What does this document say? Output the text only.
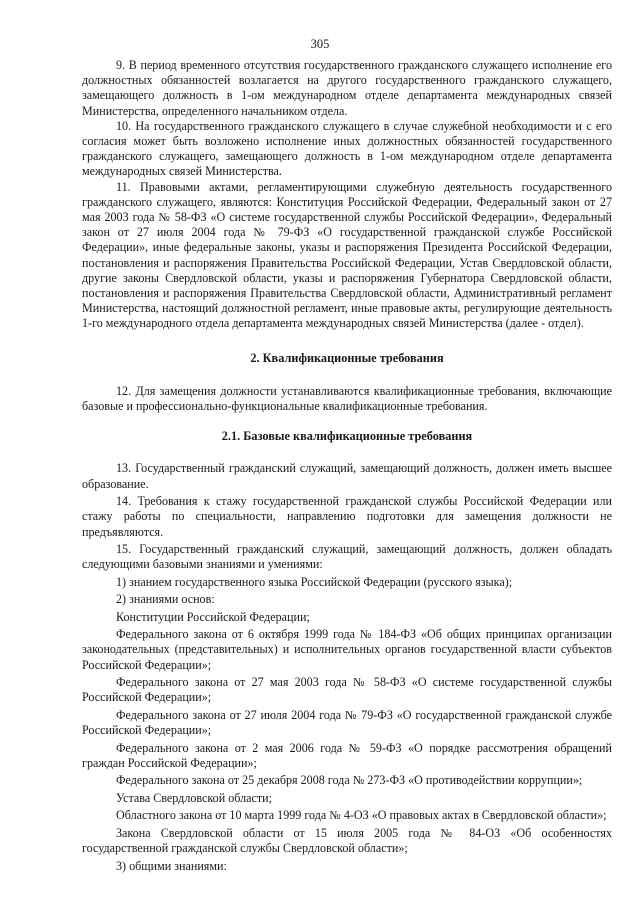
305

9. В период временного отсутствия государственного гражданского служащего исполнение его должностных обязанностей возлагается на другого государственного гражданского служащего, замещающего должность в 1-ом международном отделе департамента международных связей Министерства, определенного начальником отдела.

10. На государственного гражданского служащего в случае служебной необходимости и с его согласия может быть возложено исполнение иных должностных обязанностей государственного гражданского служащего, замещающего должность в 1-ом международном отделе департамента международных связей Министерства.

11. Правовыми актами, регламентирующими служебную деятельность государственного гражданского служащего, являются: Конституция Российской Федерации, Федеральный закон от 27 мая 2003 года № 58-ФЗ «О системе государственной службы Российской Федерации», Федеральный закон от 27 июля 2004 года № 79-ФЗ «О государственной гражданской службе Российской Федерации», иные федеральные законы, указы и распоряжения Президента Российской Федерации, постановления и распоряжения Правительства Российской Федерации, Устав Свердловской области, другие законы Свердловской области, указы и распоряжения Губернатора Свердловской области, постановления и распоряжения Правительства Свердловской области, Административный регламент Министерства, настоящий должностной регламент, иные правовые акты, регулирующие деятельность 1-го международного отдела департамента международных связей Министерства (далее - отдел).

2. Квалификационные требования

12. Для замещения должности устанавливаются квалификационные требования, включающие базовые и профессионально-функциональные квалификационные требования.

2.1. Базовые квалификационные требования

13. Государственный гражданский служащий, замещающий должность, должен иметь высшее образование.

14. Требования к стажу государственной гражданской службы Российской Федерации или стажу работы по специальности, направлению подготовки для замещения должности не предъявляются.

15. Государственный гражданский служащий, замещающий должность, должен обладать следующими базовыми знаниями и умениями:

1) знанием государственного языка Российской Федерации (русского языка);

2) знаниями основ:

Конституции Российской Федерации;

Федерального закона от 6 октября 1999 года № 184-ФЗ «Об общих принципах организации законодательных (представительных) и исполнительных органов государственной власти субъектов Российской Федерации»;

Федерального закона от 27 мая 2003 года № 58-ФЗ «О системе государственной службы Российской Федерации»;

Федерального закона от 27 июля 2004 года № 79-ФЗ «О государственной гражданской службе Российской Федерации»;

Федерального закона от 2 мая 2006 года № 59-ФЗ «О порядке рассмотрения обращений граждан Российской Федерации»;

Федерального закона от 25 декабря 2008 года № 273-ФЗ «О противодействии коррупции»;

Устава Свердловской области;

Областного закона от 10 марта 1999 года № 4-ОЗ «О правовых актах в Свердловской области»;

Закона Свердловской области от 15 июля 2005 года № 84-ОЗ «Об особенностях государственной гражданской службы Свердловской области»;

3) общими знаниями:
